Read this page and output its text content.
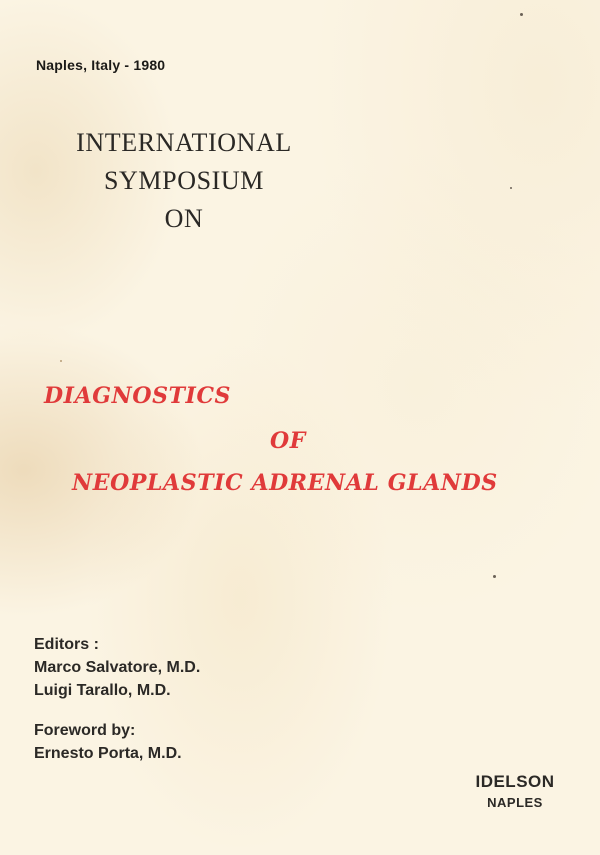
Naples, Italy - 1980
INTERNATIONAL
SYMPOSIUM
ON
DIAGNOSTICS
OF
NEOPLASTIC ADRENAL GLANDS
Editors :
Marco Salvatore, M.D.
Luigi Tarallo, M.D.
Foreword by:
Ernesto Porta, M.D.
IDELSON
NAPLES
